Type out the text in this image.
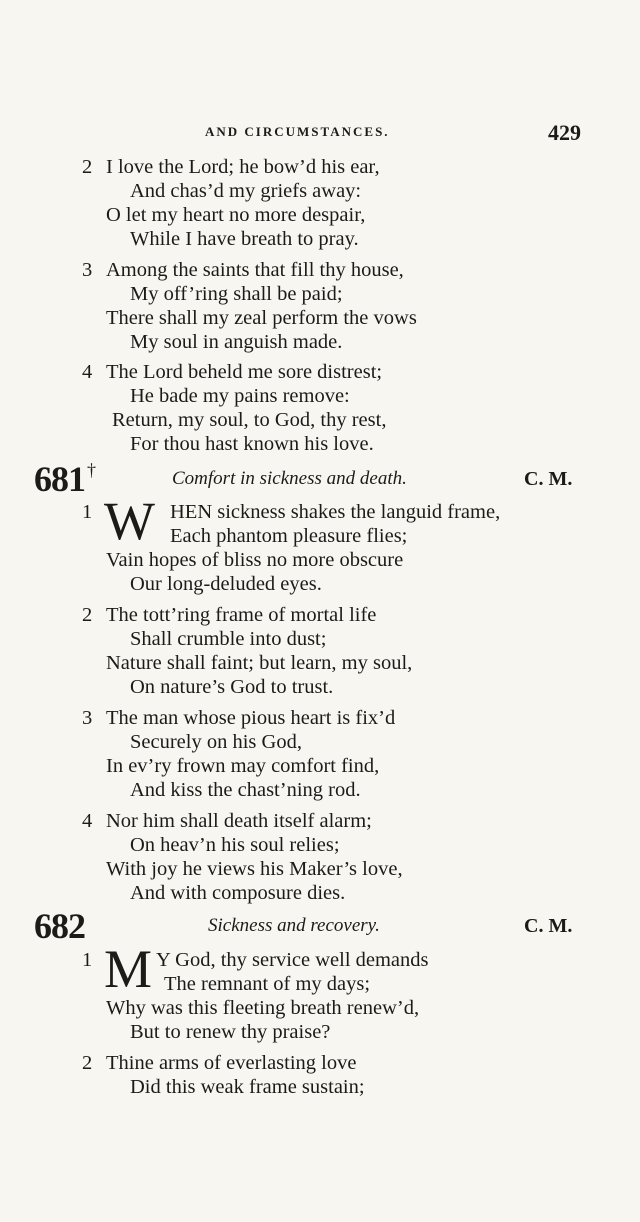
AND CIRCUMSTANCES.	429
2 I love the Lord; he bow’d his ear,
And chas’d my griefs away:
O let my heart no more despair,
While I have breath to pray.
3 Among the saints that fill thy house,
My off’ring shall be paid;
There shall my zeal perform the vows
My soul in anguish made.
4 The Lord beheld me sore distrest;
He bade my pains remove:
Return, my soul, to God, thy rest,
For thou hast known his love.
681 †	Comfort in sickness and death.	C. M.
1 W HEN sickness shakes the languid frame,
Each phantom pleasure flies;
Vain hopes of bliss no more obscure
Our long-deluded eyes.
2 The tott’ring frame of mortal life
Shall crumble into dust;
Nature shall faint; but learn, my soul,
On nature’s God to trust.
3 The man whose pious heart is fix’d
Securely on his God,
In ev’ry frown may comfort find,
And kiss the chast’ning rod.
4 Nor him shall death itself alarm;
On heav’n his soul relies;
With joy he views his Maker’s love,
And with composure dies.
682	Sickness and recovery.	C. M.
1 M Y God, thy service well demands
The remnant of my days;
Why was this fleeting breath renew’d,
But to renew thy praise?
2 Thine arms of everlasting love
Did this weak frame sustain;
